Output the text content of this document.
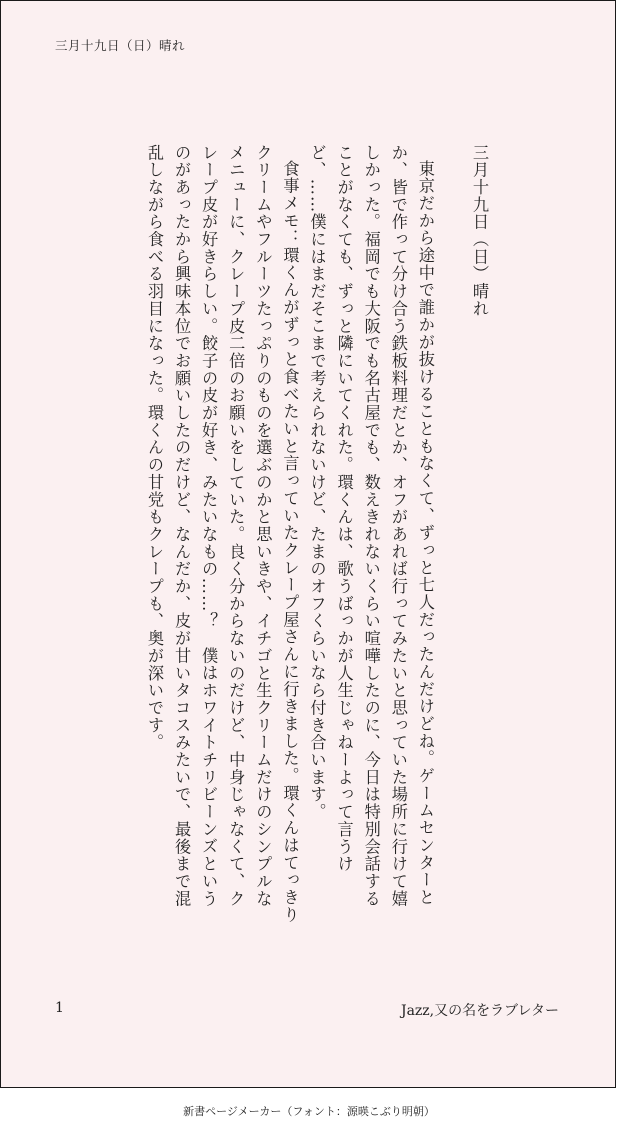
三月十九日（日）晴れ

三月十九日（日）晴れ

東京だから途中で誰かが抜けることもなくて、ずっと七人だったんだけどね。ゲームセンターとか、皆で作って分け合う鉄板料理だとか、オフがあれば行ってみたいと思っていた場所に行けて嬉しかった。福岡でも大阪でも名古屋でも、数えきれないくらい喧嘩したのに、今日は特別会話することがなくても、ずっと隣にいてくれた。環くんは、歌うばっかが人生じゃねーよって言うけど、……僕にはまだそこまで考えられないけど、たまのオフくらいなら付き合います。

食事メモ：環くんがずっと食べたいと言っていたクレープ屋さんに行きました。環くんはてっきりクリームやフルーツたっぷりのものを選ぶのかと思いきや、イチゴと生クリームだけのシンプルなメニューに、クレープ皮二倍のお願いをしていた。良く分からないのだけど、中身じゃなくて、クレープ皮が好きらしい。餃子の皮が好き、みたいなもの……？　僕はホワイトチリビーンズというのがあったから興味本位でお願いしたのだけど、なんだか、皮が甘いタコスみたいで、最後まで混乱しながら食べる羽目になった。環くんの甘党もクレープも、奥が深いです。

1	Jazz,又の名をラブレター
新書ページメーカー（フォント：源暎こぶり明朝）
